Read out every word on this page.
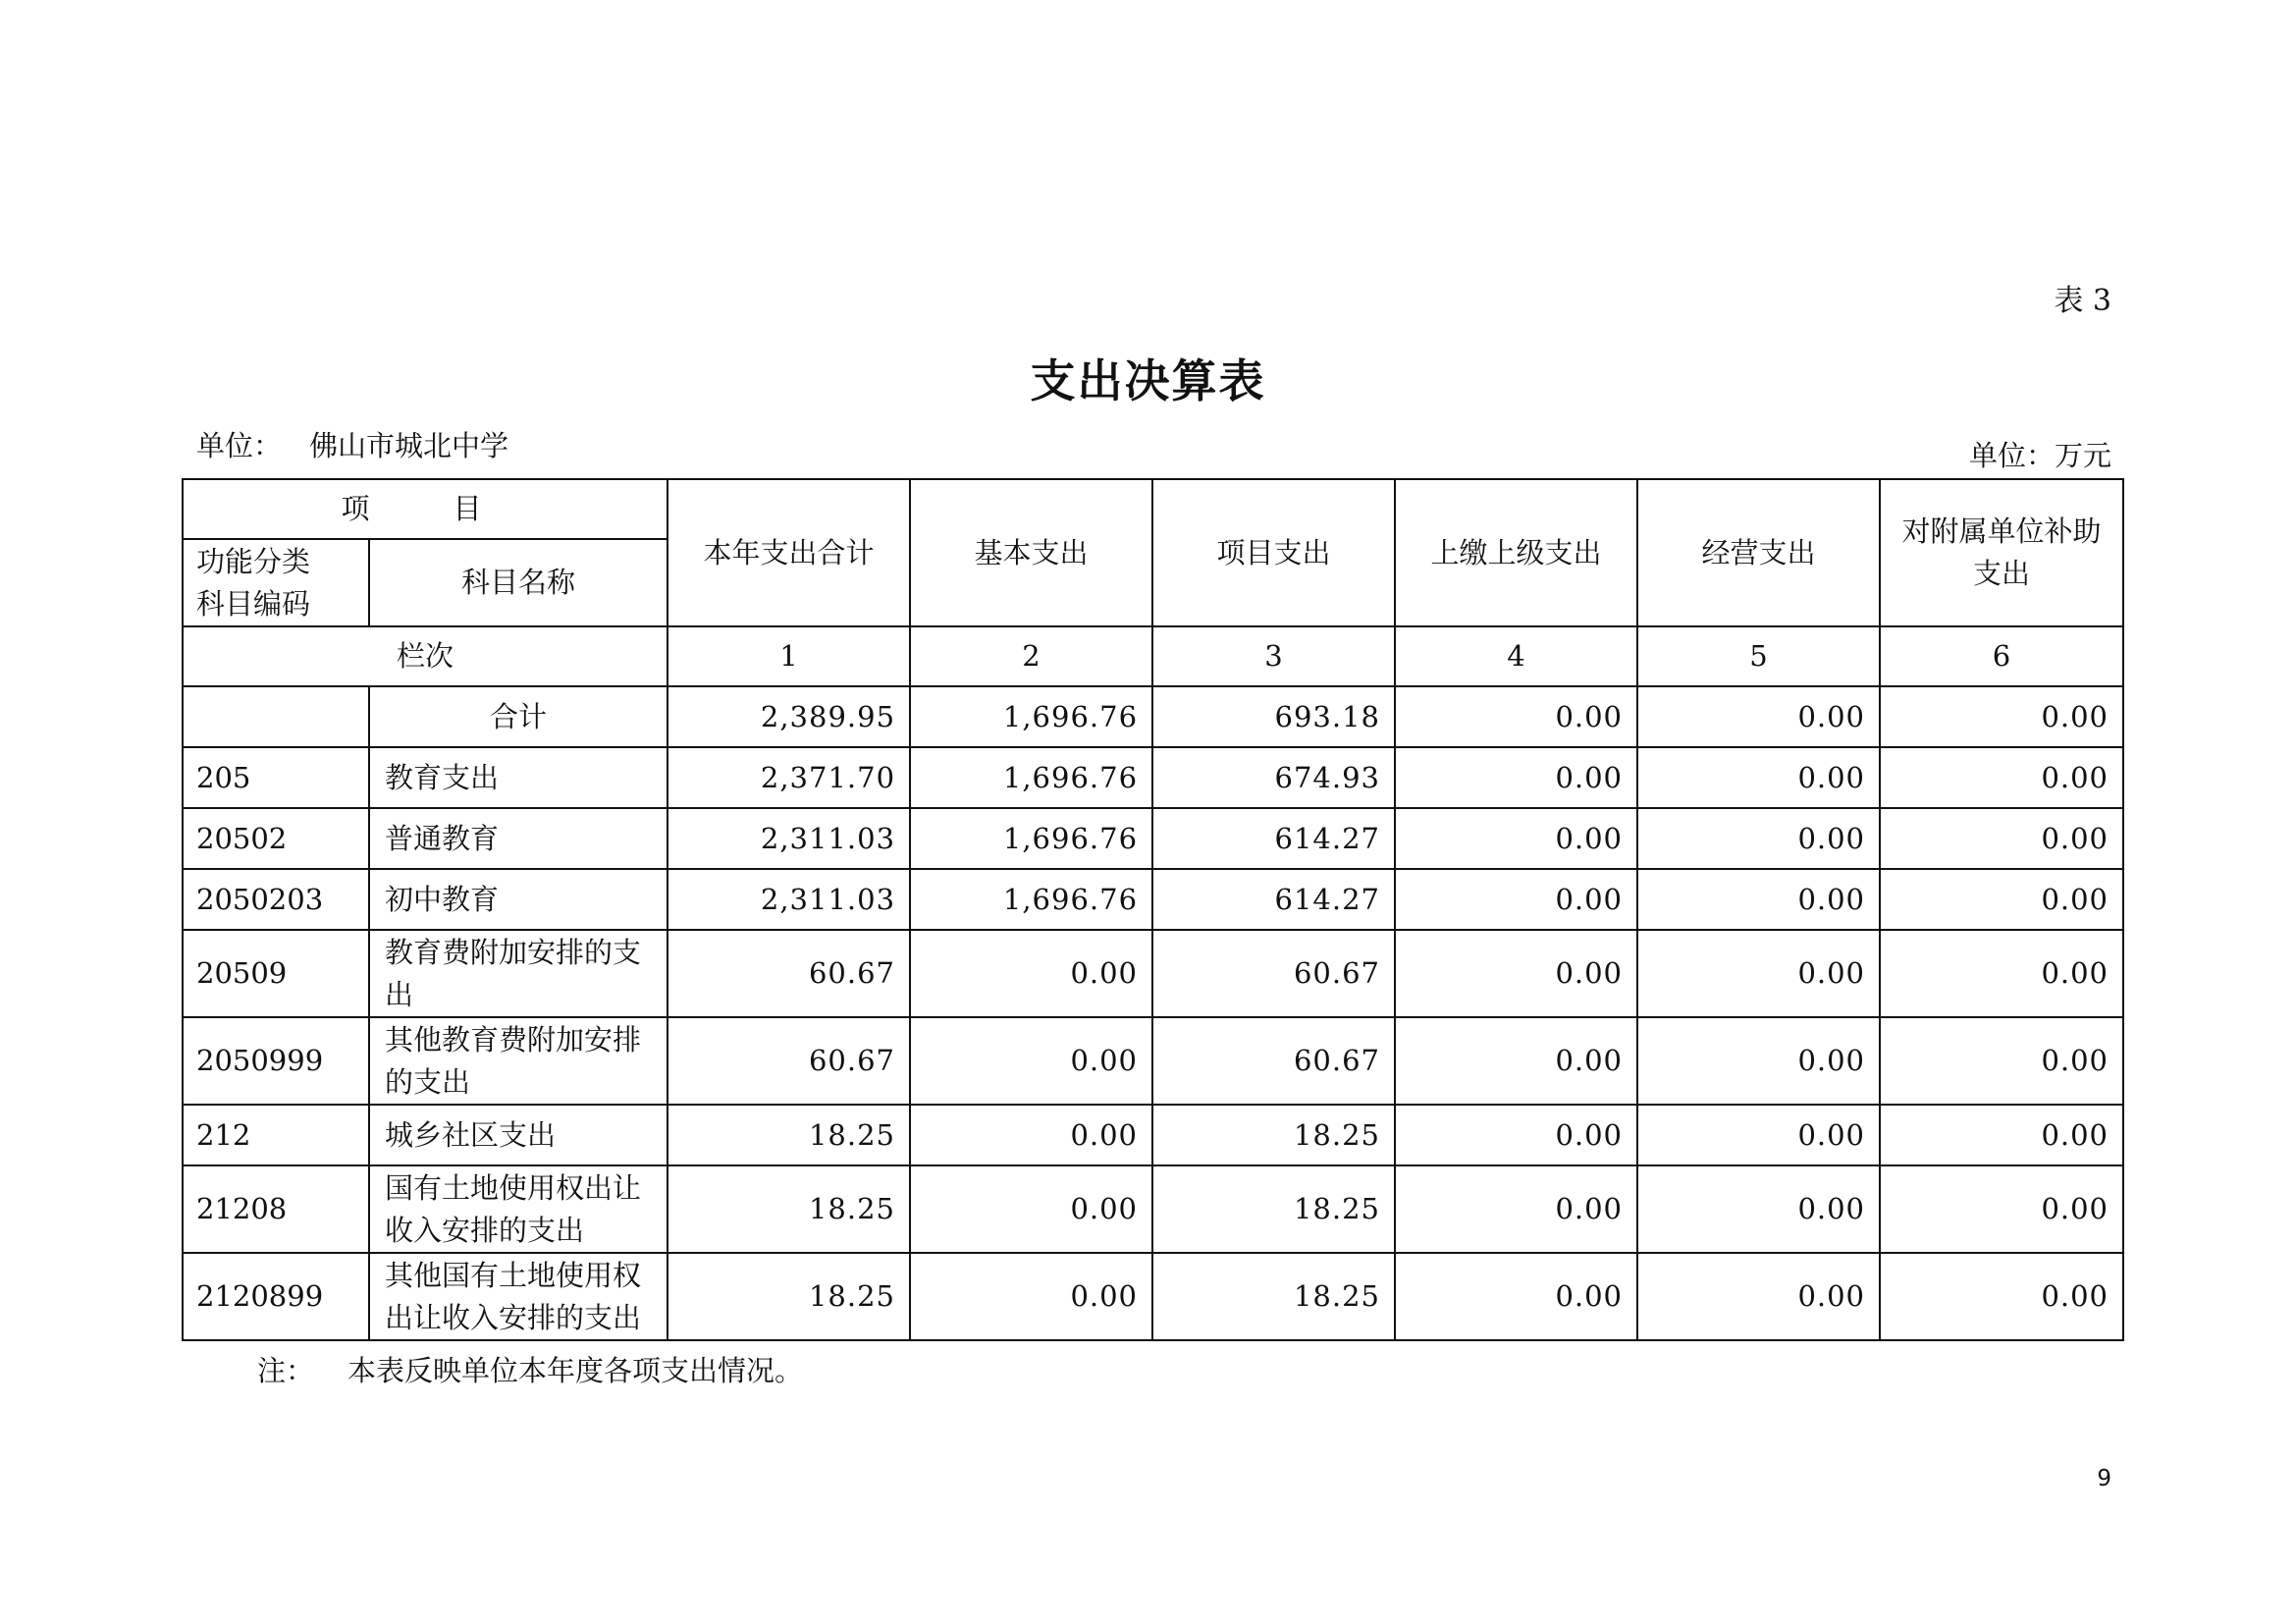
表 3
支出决算表
单位： 佛山市城北中学	单位：万元
项　目		本年支出合计	基本支出	项目支出	上缴上级支出	经营支出	对附属单位补助
支出
功能分类
科目编码	科目名称						
栏次		1	2	3	4	5	6
	合计	2,389.95	1,696.76	693.18	0.00	0.00	0.00
205	教育支出	2,371.70	1,696.76	674.93	0.00	0.00	0.00
20502	普通教育	2,311.03	1,696.76	614.27	0.00	0.00	0.00
2050203	初中教育	2,311.03	1,696.76	614.27	0.00	0.00	0.00
20509	教育费附加安排的支
出	60.67	0.00	60.67	0.00	0.00	0.00
2050999	其他教育费附加安排
的支出	60.67	0.00	60.67	0.00	0.00	0.00
212	城乡社区支出	18.25	0.00	18.25	0.00	0.00	0.00
21208	国有土地使用权出让
收入安排的支出	18.25	0.00	18.25	0.00	0.00	0.00
2120899	其他国有土地使用权
出让收入安排的支出	18.25	0.00	18.25	0.00	0.00	0.00
注： 本表反映单位本年度各项支出情况。
9
